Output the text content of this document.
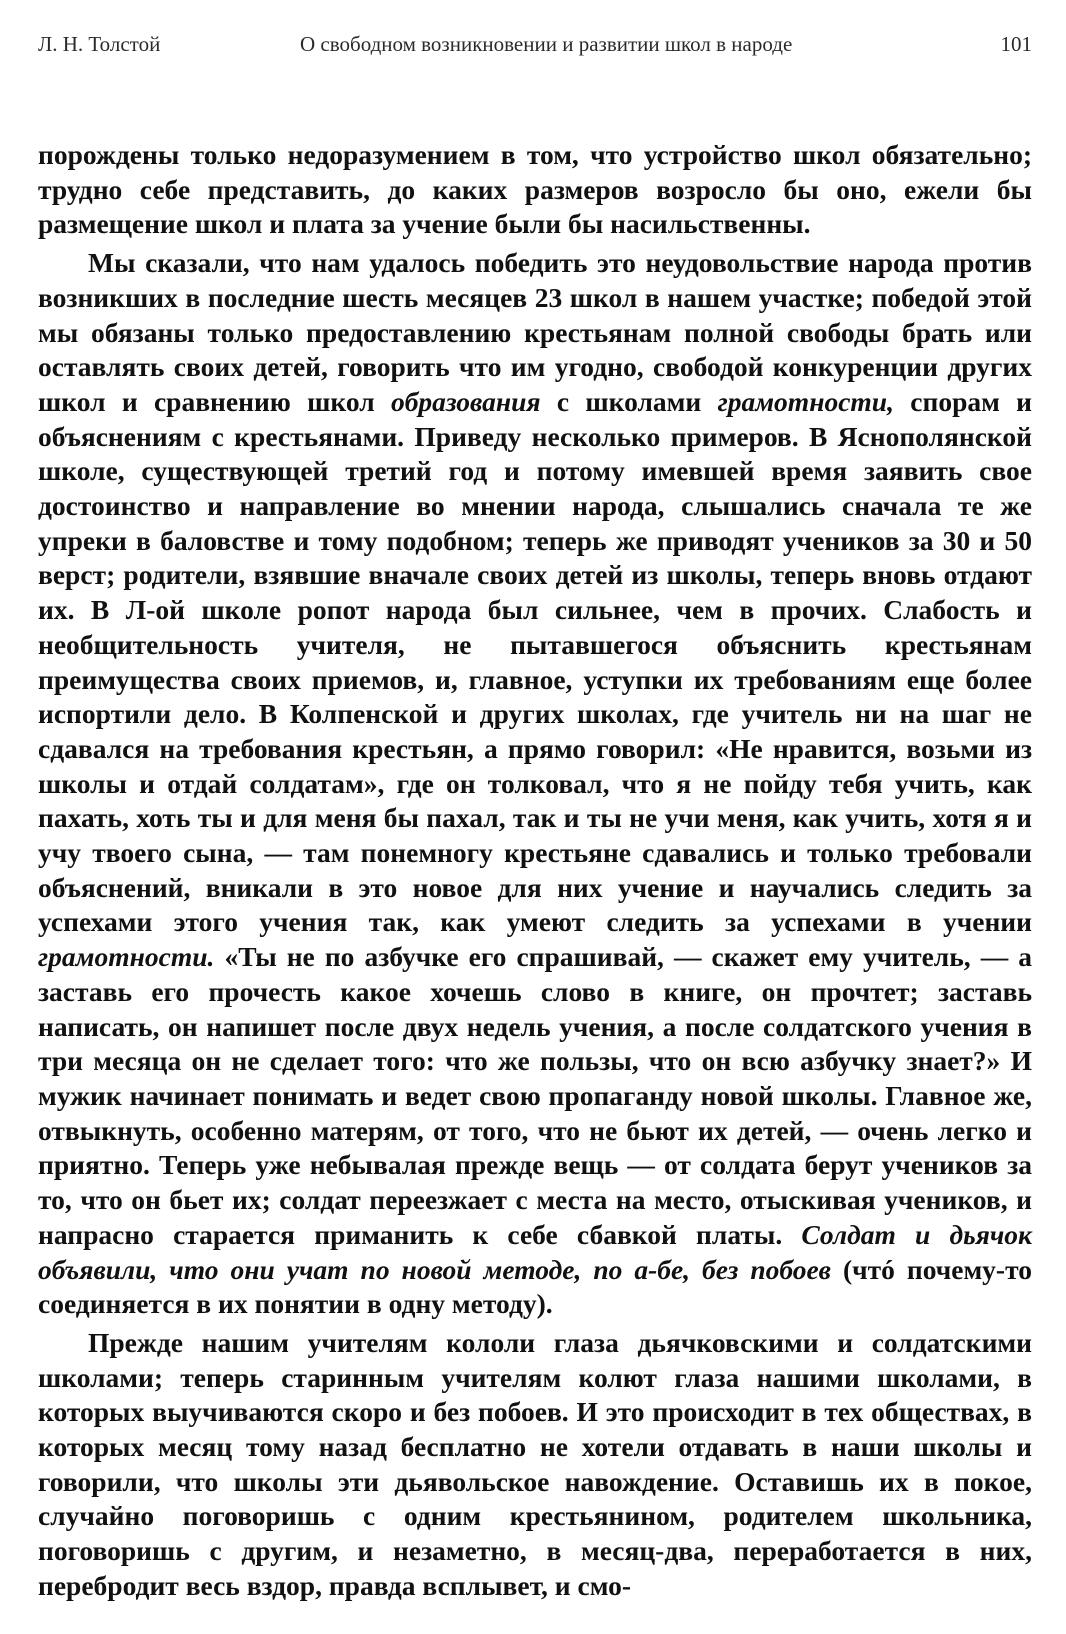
Л. Н. Толстой	О свободном возникновении и развитии школ в народе	101

порождены только недоразумением в том, что устройство школ обязательно; трудно себе представить, до каких размеров возросло бы оно, ежели бы размещение школ и плата за учение были бы насильственны.

Мы сказали, что нам удалось победить это неудовольствие народа против возникших в последние шесть месяцев 23 школ в нашем участке; победой этой мы обязаны только предоставлению крестьянам полной свободы брать или оставлять своих детей, говорить что им угодно, свободой конкуренции других школ и сравнению школ образования с школами грамотности, спорам и объяснениям с крестьянами. Приведу несколько примеров. В Яснополянской школе, существующей третий год и потому имевшей время заявить свое достоинство и направление во мнении народа, слышались сначала те же упреки в баловстве и тому подобном; теперь же приводят учеников за 30 и 50 верст; родители, взявшие вначале своих детей из школы, теперь вновь отдают их. В Л-ой школе ропот народа был сильнее, чем в прочих. Слабость и необщительность учителя, не пытавшегося объяснить крестьянам преимущества своих приемов, и, главное, уступки их требованиям еще более испортили дело. В Колпенской и других школах, где учитель ни на шаг не сдавался на требования крестьян, а прямо говорил: «Не нравится, возьми из школы и отдай солдатам», где он толковал, что я не пойду тебя учить, как пахать, хоть ты и для меня бы пахал, так и ты не учи меня, как учить, хотя я и учу твоего сына, — там понемногу крестьяне сдавались и только требовали объяснений, вникали в это новое для них учение и научались следить за успехами этого учения так, как умеют следить за успехами в учении грамотности. «Ты не по азбучке его спрашивай, — скажет ему учитель, — а заставь его прочесть какое хочешь слово в книге, он прочтет; заставь написать, он напишет после двух недель учения, а после солдатского учения в три месяца он не сделает того: что же пользы, что он всю азбучку знает?» И мужик начинает понимать и ведет свою пропаганду новой школы. Главное же, отвыкнуть, особенно матерям, от того, что не бьют их детей, — очень легко и приятно. Теперь уже небывалая прежде вещь — от солдата берут учеников за то, что он бьет их; солдат переезжает с места на место, отыскивая учеников, и напрасно старается приманить к себе сбавкой платы. Солдат и дьячок объявили, что они учат по новой методе, по а-бе, без побоев (чтó почему-то соединяется в их понятии в одну методу).

Прежде нашим учителям кололи глаза дьячковскими и солдатскими школами; теперь старинным учителям колют глаза нашими школами, в которых выучиваются скоро и без побоев. И это происходит в тех обществах, в которых месяц тому назад бесплатно не хотели отдавать в наши школы и говорили, что школы эти дьявольское навождение. Оставишь их в покое, случайно поговоришь с одним крестьянином, родителем школьника, поговоришь с другим, и незаметно, в месяц-два, переработается в них, перебродит весь вздор, правда всплывет, и смо-
